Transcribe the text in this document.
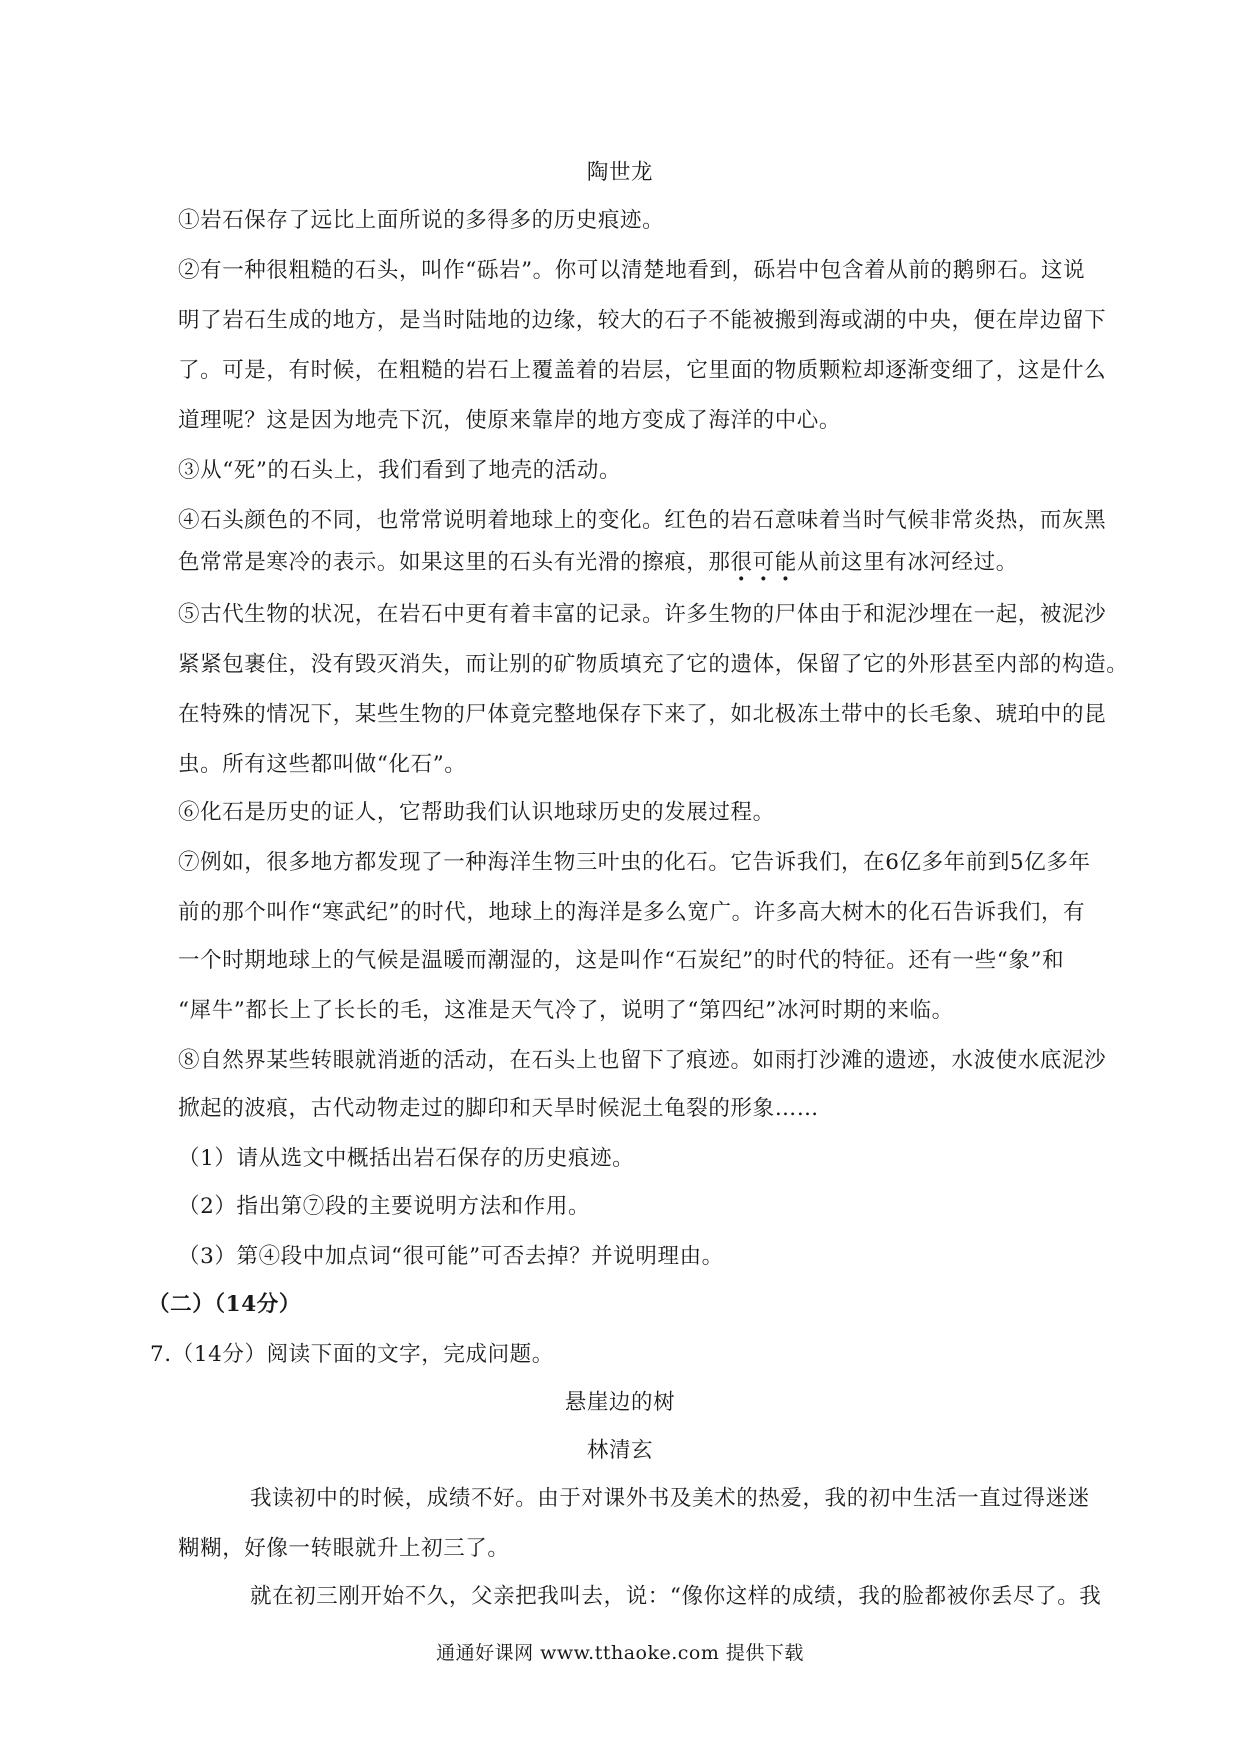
陶世龙
①岩石保存了远比上面所说的多得多的历史痕迹。
②有一种很粗糙的石头，叫作“砾岩”。你可以清楚地看到，砾岩中包含着从前的鹅卵石。这说
明了岩石生成的地方，是当时陆地的边缘，较大的石子不能被搬到海或湖的中央，便在岸边留下
了。可是，有时候，在粗糙的岩石上覆盖着的岩层，它里面的物质颗粒却逐渐变细了，这是什么
道理呢？这是因为地壳下沉，使原来靠岸的地方变成了海洋的中心。
③从“死”的石头上，我们看到了地壳的活动。
④石头颜色的不同，也常常说明着地球上的变化。红色的岩石意味着当时气候非常炎热，而灰黑
色常常是寒冷的表示。如果这里的石头有光滑的擦痕，那很可能从前这里有冰河经过。
⑤古代生物的状况，在岩石中更有着丰富的记录。许多生物的尸体由于和泥沙埋在一起，被泥沙
紧紧包裹住，没有毁灭消失，而让别的矿物质填充了它的遗体，保留了它的外形甚至内部的构造。
在特殊的情况下，某些生物的尸体竟完整地保存下来了，如北极冻土带中的长毛象、琥珀中的昆
虫。所有这些都叫做“化石”。
⑥化石是历史的证人，它帮助我们认识地球历史的发展过程。
⑦例如，很多地方都发现了一种海洋生物三叶虫的化石。它告诉我们，在6亿多年前到5亿多年
前的那个叫作“寒武纪”的时代，地球上的海洋是多么宽广。许多高大树木的化石告诉我们，有
一个时期地球上的气候是温暖而潮湿的，这是叫作“石炭纪”的时代的特征。还有一些“象”和
“犀牛”都长上了长长的毛，这准是天气冷了，说明了“第四纪”冰河时期的来临。
⑧自然界某些转眼就消逝的活动，在石头上也留下了痕迹。如雨打沙滩的遗迹，水波使水底泥沙
掀起的波痕，古代动物走过的脚印和天旱时候泥土龟裂的形象……
（1）请从选文中概括出岩石保存的历史痕迹。
（2）指出第⑦段的主要说明方法和作用。
（3）第④段中加点词“很可能”可否去掉？并说明理由。
（二）（14分）
7.（14分）阅读下面的文字，完成问题。
悬崖边的树
林清玄
我读初中的时候，成绩不好。由于对课外书及美术的热爱，我的初中生活一直过得迷迷
糊糊，好像一转眼就升上初三了。
就在初三刚开始不久，父亲把我叫去，说：“像你这样的成绩，我的脸都被你丢尽了。我
通通好课网 www.tthaoke.com 提供下载
